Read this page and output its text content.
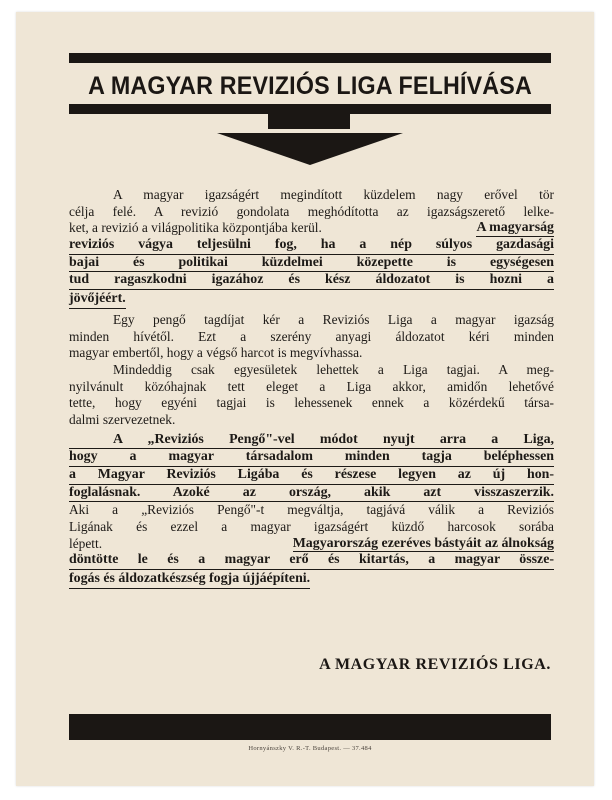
A MAGYAR REVIZIÓS LIGA FELHÍVÁSA
A magyar igazságért megindított küzdelem nagy erővel tör
célja felé. A revizió gondolata meghódította az igazságszerető lelke-
ket, a revizió a világpolitika központjába kerül.	A magyarság
reviziós vágya teljesülni fog, ha a nép súlyos gazdasági
bajai és politikai küzdelmei közepette is egységesen
tud ragaszkodni igazához és kész áldozatot is hozni a
jövőjéért.
Egy pengő tagdíjat kér a Reviziós Liga a magyar igazság
minden hívétől. Ezt a szerény anyagi áldozatot kéri minden
magyar embertől, hogy a végső harcot is megvívhassa.
Mindeddig csak egyesületek lehettek a Liga tagjai. A meg-
nyilvánult közóhajnak tett eleget a Liga akkor, amidőn lehetővé
tette, hogy egyéni tagjai is lehessenek ennek a közérdekű társa-
dalmi szervezetnek.
A „Reviziós Pengő"-vel módot nyujt arra a Liga,
hogy a magyar társadalom minden tagja beléphessen
a Magyar Reviziós Ligába és részese legyen az új hon-
foglalásnak. Azoké az ország, akik azt visszaszerzik.
Aki a „Reviziós Pengő"-t megváltja, tagjává válik a Reviziós
Ligának és ezzel a magyar igazságért küzdő harcosok sorába
lépett.	Magyarország ezeréves bástyáit az álnokság
döntötte le és a magyar erő és kitartás, a magyar össze-
fogás és áldozatkészség fogja újjáépíteni.
A MAGYAR REVIZIÓS LIGA.
Hornyánszky V. R.-T. Budapest. — 37.484
